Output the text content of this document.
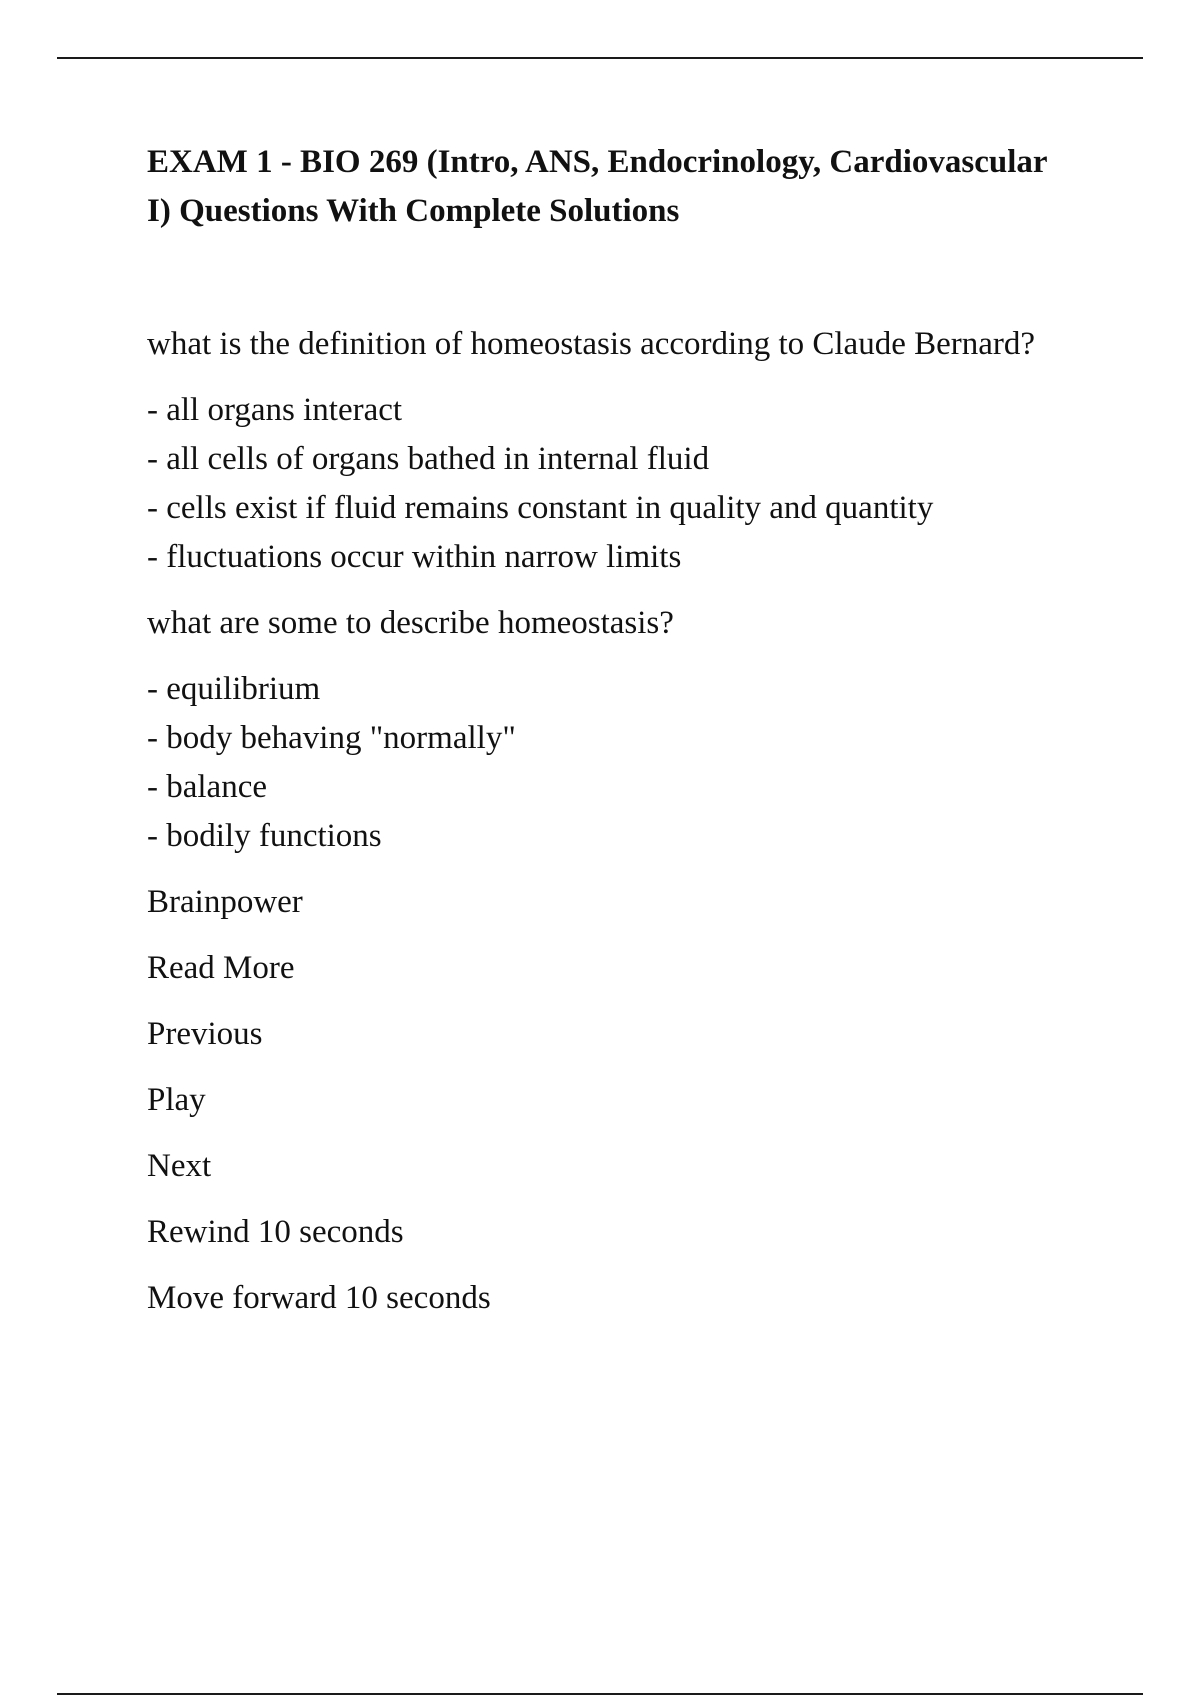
EXAM 1 - BIO 269 (Intro, ANS, Endocrinology, Cardiovascular I) Questions With Complete Solutions

what is the definition of homeostasis according to Claude Bernard?

- all organs interact
- all cells of organs bathed in internal fluid
- cells exist if fluid remains constant in quality and quantity
- fluctuations occur within narrow limits

what are some to describe homeostasis?

- equilibrium
- body behaving "normally"
- balance
- bodily functions

Brainpower

Read More

Previous

Play

Next

Rewind 10 seconds

Move forward 10 seconds
